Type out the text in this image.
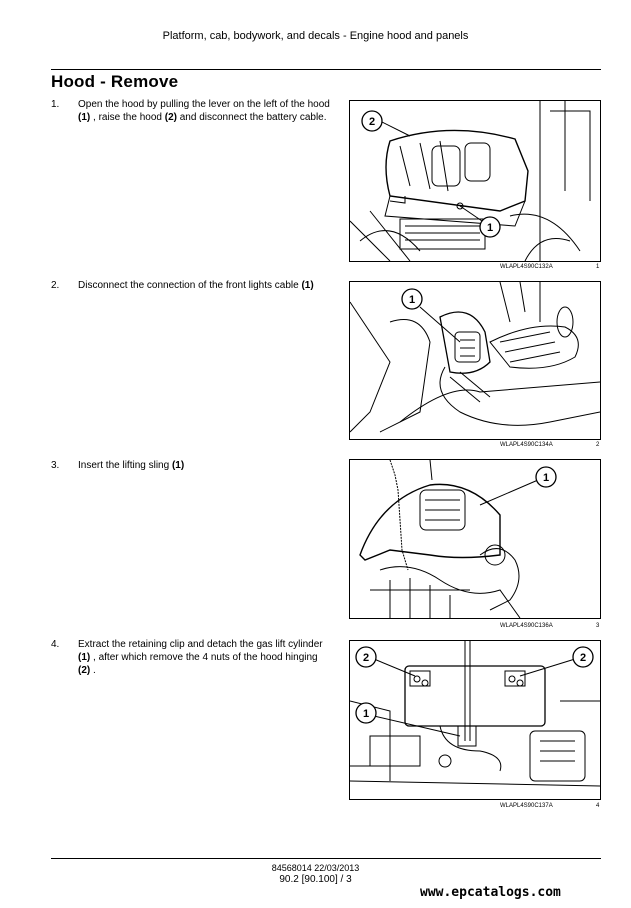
Platform, cab, bodywork, and decals - Engine hood and panels
Hood - Remove
1. Open the hood by pulling the lever on the left of the hood (1) , raise the hood (2) and disconnect the battery cable.	2
1
WLAPL4S90C132A	1
2. Disconnect the connection of the front lights cable (1)
1
WLAPL4S90C134A	2
3. Insert the lifting sling (1)
1
WLAPL4S90C136A	3
4. Extract the retaining clip and detach the gas lift cylinder (1) , after which remove the 4 nuts of the hood hinging (2) .
2	2
1
WLAPL4S90C137A	4
84568014 22/03/2013
90.2 [90.100] / 3
www.epcatalogs.com
